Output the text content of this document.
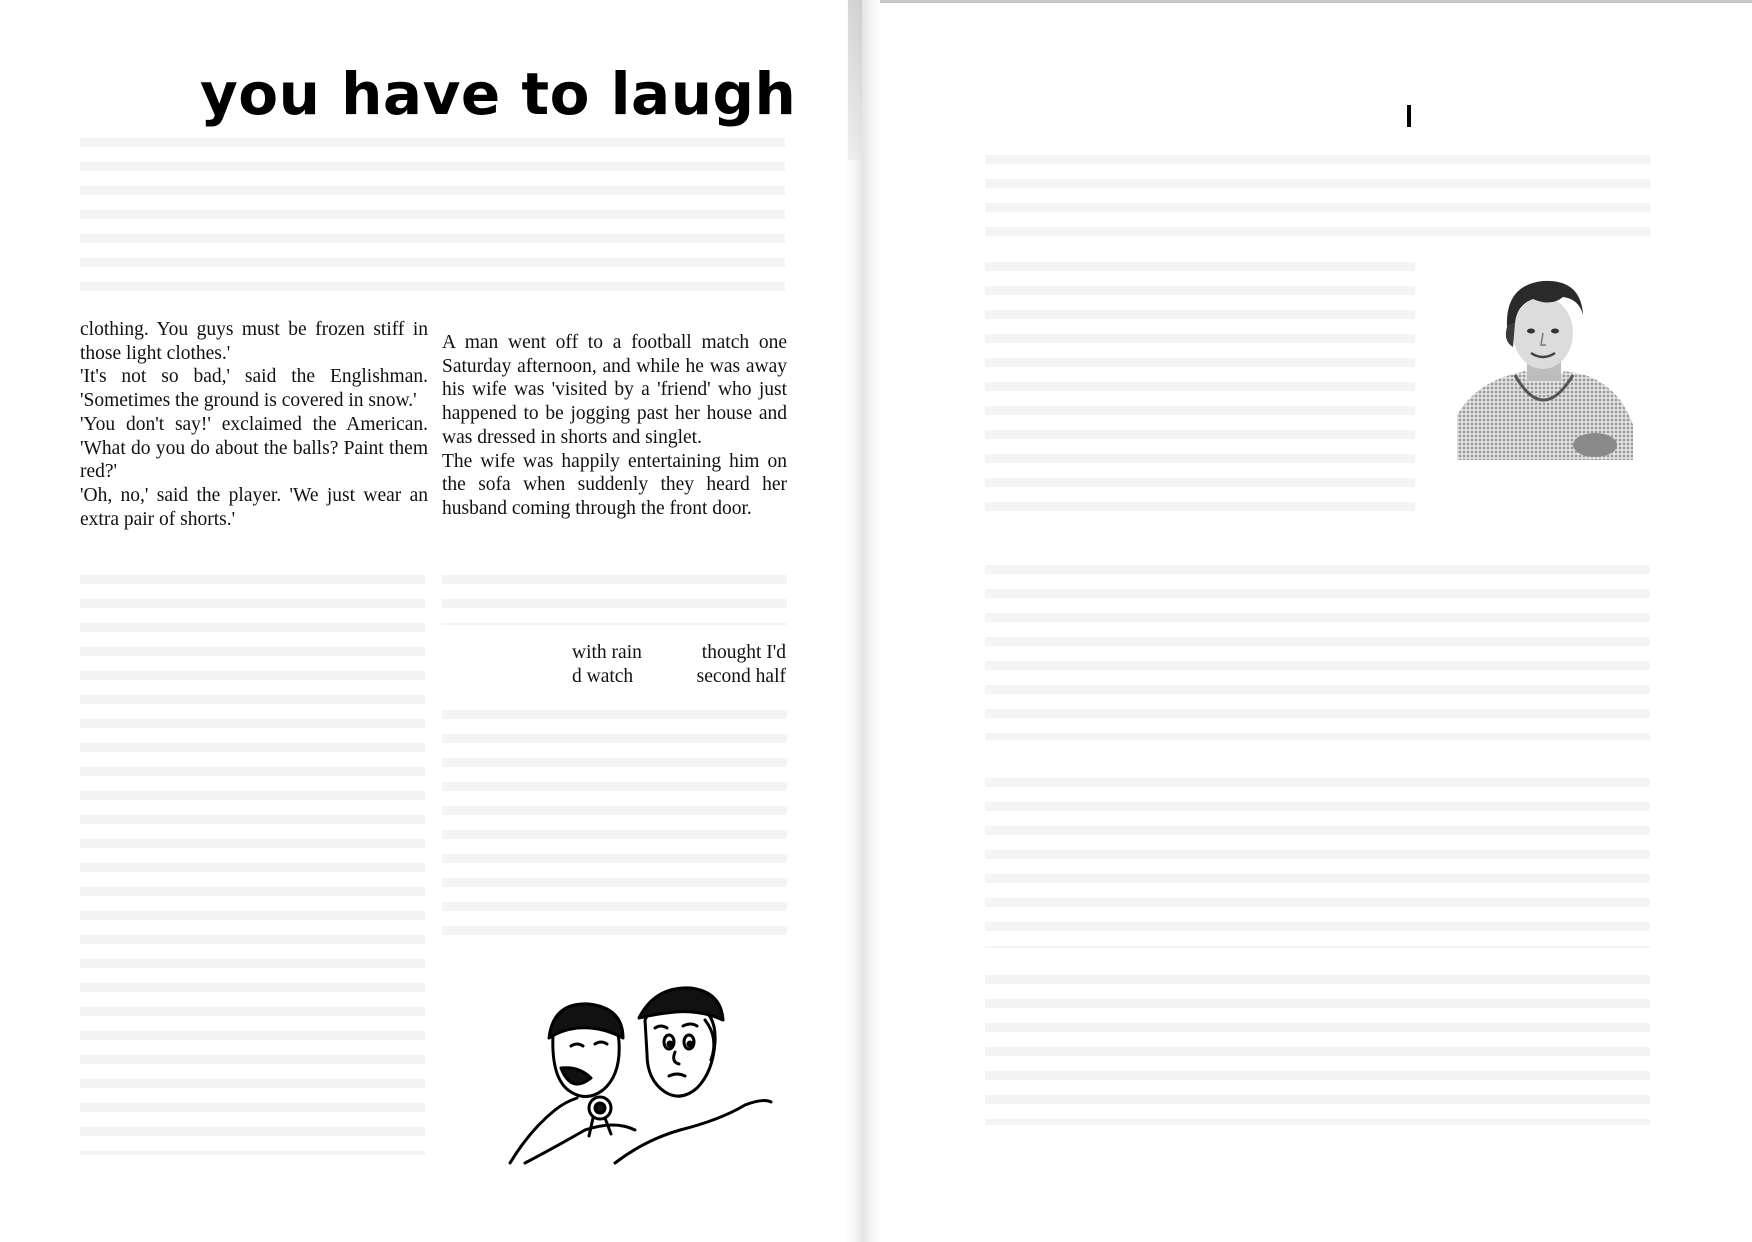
you have to laugh

clothing. You guys must be frozen stiff in those light clothes.'

'It's not so bad,' said the Englishman. 'Sometimes the ground is covered in snow.'

'You don't say!' exclaimed the American. 'What do you do about the balls? Paint them red?'

'Oh, no,' said the player. 'We just wear an extra pair of shorts.'

A man went off to a football match one Saturday afternoon, and while he was away his wife was 'visited by a 'friend' who just happened to be jogging past her house and was dressed in shorts and singlet.

The wife was happily entertaining him on the sofa when suddenly they heard her husband coming through the front door.

with rain
d watch
thought I'd
second half
